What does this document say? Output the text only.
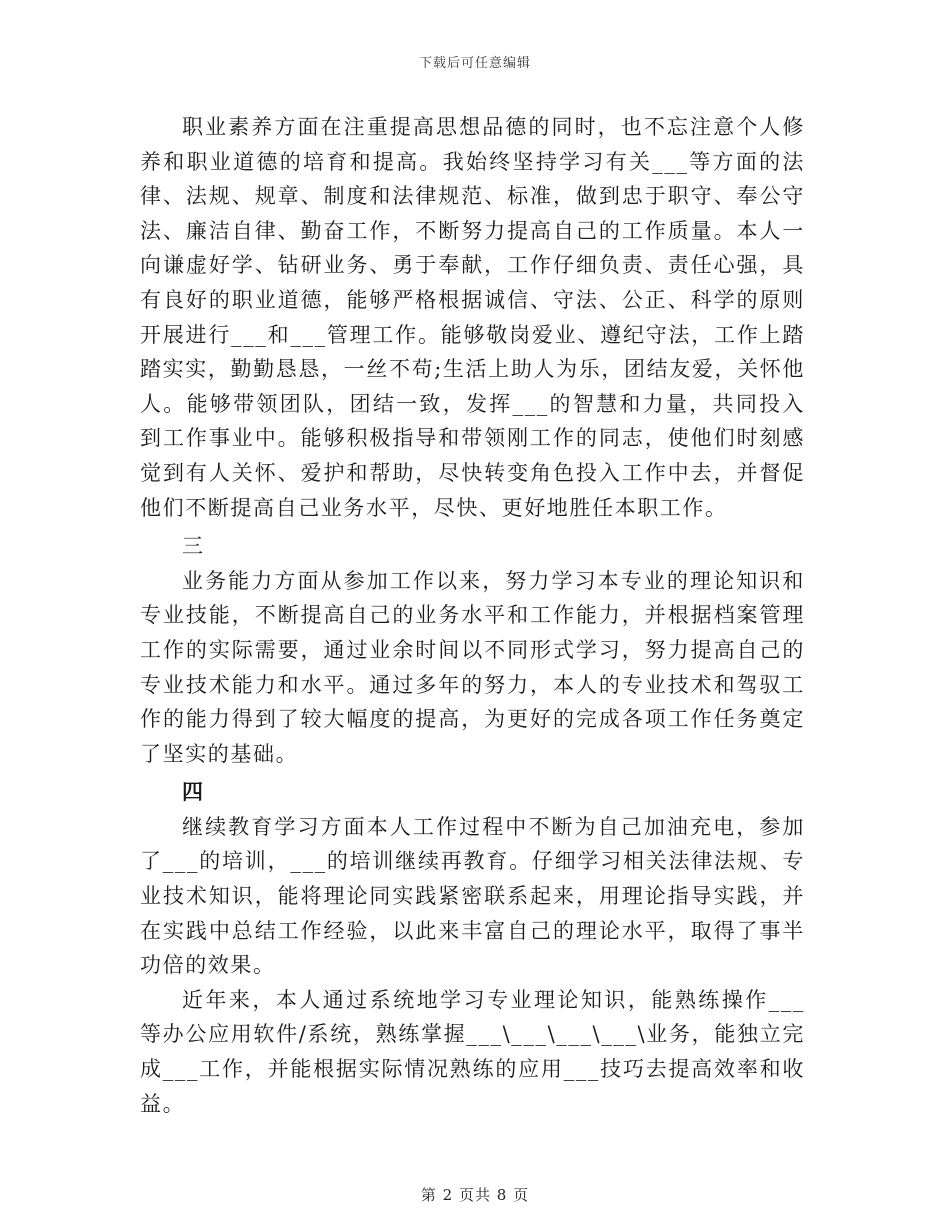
下载后可任意编辑

职业素养方面在注重提高思想品德的同时，也不忘注意个人修养和职业道德的培育和提高。我始终坚持学习有关___等方面的法律、法规、规章、制度和法律规范、标准，做到忠于职守、奉公守法、廉洁自律、勤奋工作，不断努力提高自己的工作质量。本人一向谦虚好学、钻研业务、勇于奉献，工作仔细负责、责任心强，具有良好的职业道德，能够严格根据诚信、守法、公正、科学的原则开展进行___和___管理工作。能够敬岗爱业、遵纪守法，工作上踏踏实实，勤勤恳恳，一丝不苟;生活上助人为乐，团结友爱，关怀他人。能够带领团队，团结一致，发挥___的智慧和力量，共同投入到工作事业中。能够积极指导和带领刚工作的同志，使他们时刻感觉到有人关怀、爱护和帮助，尽快转变角色投入工作中去，并督促他们不断提高自己业务水平，尽快、更好地胜任本职工作。

三

业务能力方面从参加工作以来，努力学习本专业的理论知识和专业技能，不断提高自己的业务水平和工作能力，并根据档案管理工作的实际需要，通过业余时间以不同形式学习，努力提高自己的专业技术能力和水平。通过多年的努力，本人的专业技术和驾驭工作的能力得到了较大幅度的提高，为更好的完成各项工作任务奠定了坚实的基础。

四

继续教育学习方面本人工作过程中不断为自己加油充电，参加了___的培训，___的培训继续再教育。仔细学习相关法律法规、专业技术知识，能将理论同实践紧密联系起来，用理论指导实践，并在实践中总结工作经验，以此来丰富自己的理论水平，取得了事半功倍的效果。

近年来，本人通过系统地学习专业理论知识，能熟练操作___等办公应用软件/系统，熟练掌握___\___\___\___\业务，能独立完成___工作，并能根据实际情况熟练的应用___技巧去提高效率和收益。

第 2 页共 8 页
